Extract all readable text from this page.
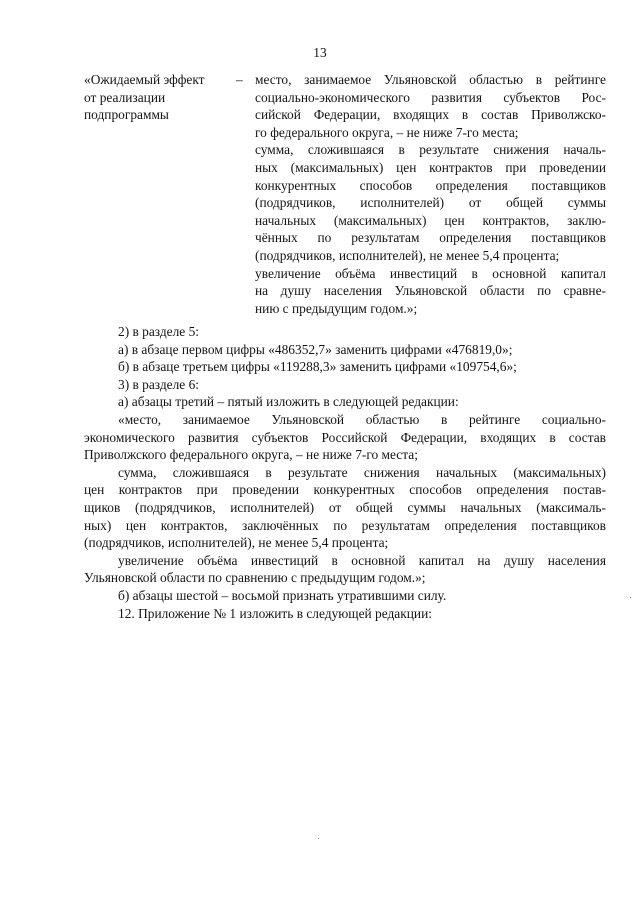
13
«Ожидаемый эффект
от реализации
подпрограммы
– место, занимаемое Ульяновской областью в рейтинге
социально-экономического развития субъектов Рос-
сийской Федерации, входящих в состав Приволжско-
го федерального округа, – не ниже 7-го места;
сумма, сложившаяся в результате снижения началь-
ных (максимальных) цен контрактов при проведении
конкурентных способов определения поставщиков
(подрядчиков, исполнителей) от общей суммы
начальных (максимальных) цен контрактов, заклю-
чённых по результатам определения поставщиков
(подрядчиков, исполнителей), не менее 5,4 процента;
увеличение объёма инвестиций в основной капитал
на душу населения Ульяновской области по сравне-
нию с предыдущим годом.»;

2) в разделе 5:

а) в абзаце первом цифры «486352,7» заменить цифрами «476819,0»;

б) в абзаце третьем цифры «119288,3» заменить цифрами «109754,6»;

3) в разделе 6:

а) абзацы третий – пятый изложить в следующей редакции:

«место, занимаемое Ульяновской областью в рейтинге социально-
экономического развития субъектов Российской Федерации, входящих в состав
Приволжского федерального округа, – не ниже 7-го места;
сумма, сложившаяся в результате снижения начальных (максимальных)
цен контрактов при проведении конкурентных способов определения постав-
щиков (подрядчиков, исполнителей) от общей суммы начальных (максималь-
ных) цен контрактов, заключённых по результатам определения поставщиков
(подрядчиков, исполнителей), не менее 5,4 процента;
увеличение объёма инвестиций в основной капитал на душу населения
Ульяновской области по сравнению с предыдущим годом.»;

б) абзацы шестой – восьмой признать утратившими силу.

12. Приложение № 1 изложить в следующей редакции:
